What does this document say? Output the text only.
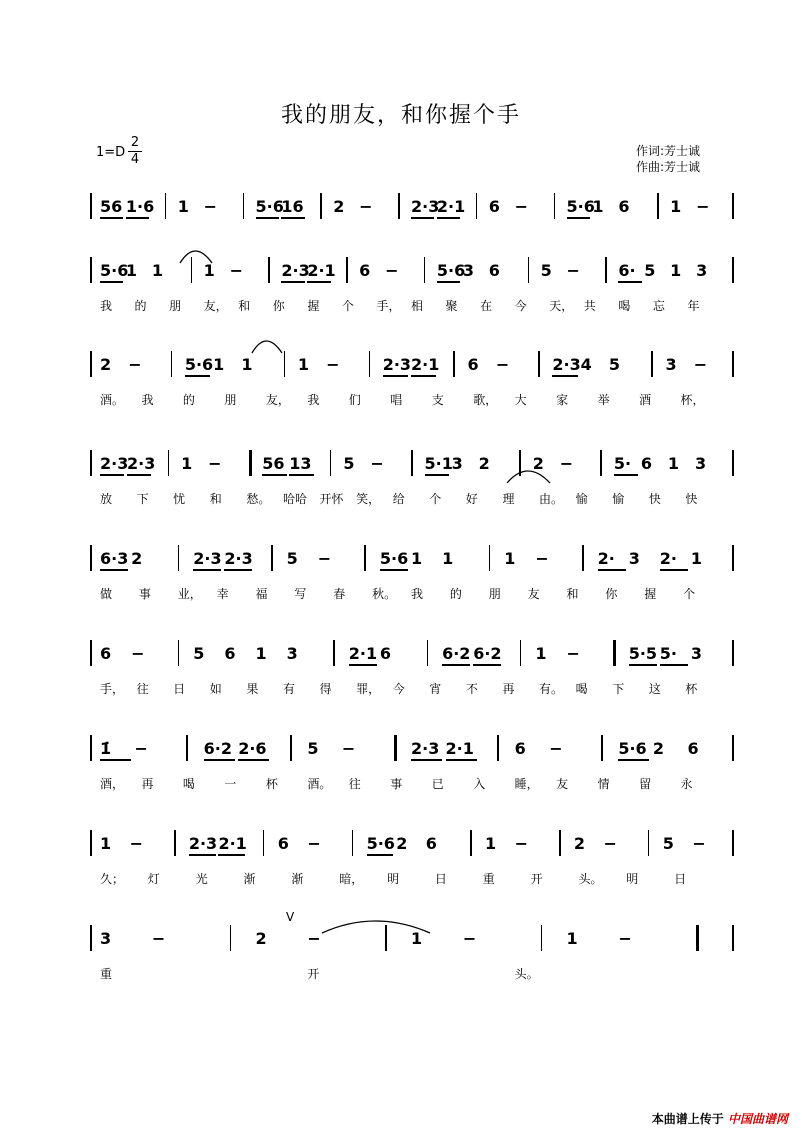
我的朋友，和你握个手
1=D
2
4
作词:芳士诚
作曲:芳士诚
56 1·6 1 − 5·6
16 2 − 2·3
2·1 6 − 5·6
1 6	1 −
5·6
1 1	1 − 2·3
2·1 6 − 5·6
3 6	5 − 6· 5 1 3
我 的 朋 友， 和 你 握 个 手， 相 聚 在 今 天， 共 喝 忘 年
2 −	5·6 1 1	1 −	2·3 2·1 6 −	2·3 4 5	3 −
酒。 我 的 朋 友， 我 们 唱 支 歌， 大 家 举 酒 杯，
2·3
2·3 1 −	56 13 5 −	5·1
3 2	2 −	5· 6 1 3
放 下 忧 和 愁。 哈哈 开怀 笑， 给 个 好 理 由。 愉 愉 快 快
6·3 2	2·3 2·3 5 −	5·6 1 1	1 −	2· 3 2· 1
做 事 业， 幸 福 写 春 秋。 我 的 朋 友 和 你 握 个
6 −	5 6 1 3	2·1 6	6·2 6·2 1 −	5·5 5· 3
手， 往 日 如 果 有 得 罪， 今 宵 不 再 有。 喝 下 这 杯
1̇ −	6·2 2·6	5 −	2·3 2·1	6 −	5·6 2 6
酒， 再 喝 一 杯 酒。 往 事 已 入 睡， 友 情 留 永
1 −	2·3 2·1 6 −	5·6 2 6	1 −	2 −	5 −
久； 灯	光	渐	渐	暗， 明	日	重	开	头。 明	日
3	−	2	−	1	−	1	−
重	开	头。
V
本曲谱上传于 中国曲谱网
